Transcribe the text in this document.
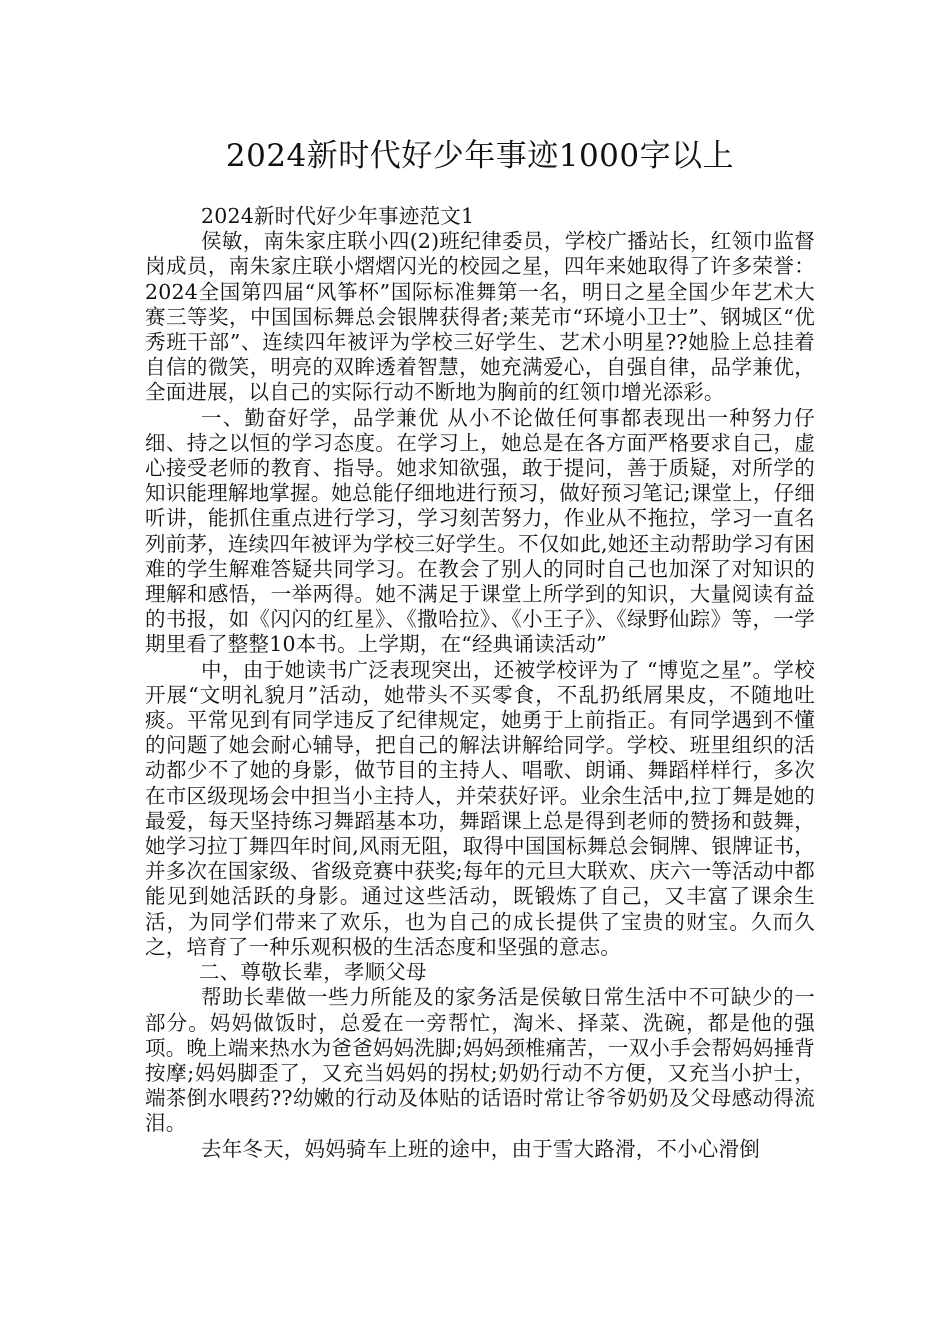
2024新时代好少年事迹1000字以上

2024新时代好少年事迹范文1

侯敏，南朱家庄联小四(2)班纪律委员，学校广播站长，红领巾监督岗成员，南朱家庄联小熠熠闪光的校园之星，四年来她取得了许多荣誉：2024全国第四届“风筝杯”国际标准舞第一名，明日之星全国少年艺术大赛三等奖，中国国标舞总会银牌获得者;莱芜市“环境小卫士”、钢城区“优秀班干部”、连续四年被评为学校三好学生、艺术小明星??她脸上总挂着自信的微笑，明亮的双眸透着智慧，她充满爱心，自强自律，品学兼优，全面进展，以自己的实际行动不断地为胸前的红领巾增光添彩。

一、勤奋好学，品学兼优 从小不论做任何事都表现出一种努力仔细、持之以恒的学习态度。在学习上，她总是在各方面严格要求自己，虚心接受老师的教育、指导。她求知欲强，敢于提问，善于质疑，对所学的知识能理解地掌握。她总能仔细地进行预习，做好预习笔记;课堂上，仔细听讲，能抓住重点进行学习，学习刻苦努力，作业从不拖拉，学习一直名列前茅，连续四年被评为学校三好学生。不仅如此,她还主动帮助学习有困难的学生解难答疑共同学习。在教会了别人的同时自己也加深了对知识的理解和感悟，一举两得。她不满足于课堂上所学到的知识，大量阅读有益的书报，如《闪闪的红星》、《撒哈拉》、《小王子》、《绿野仙踪》等，一学期里看了整整10本书。上学期，在“经典诵读活动”

中，由于她读书广泛表现突出，还被学校评为了 “博览之星”。学校开展“文明礼貌月”活动，她带头不买零食，不乱扔纸屑果皮，不随地吐痰。平常见到有同学违反了纪律规定，她勇于上前指正。有同学遇到不懂的问题了她会耐心辅导，把自己的解法讲解给同学。学校、班里组织的活动都少不了她的身影，做节目的主持人、唱歌、朗诵、舞蹈样样行，多次在市区级现场会中担当小主持人，并荣获好评。业余生活中,拉丁舞是她的最爱，每天坚持练习舞蹈基本功，舞蹈课上总是得到老师的赞扬和鼓舞，她学习拉丁舞四年时间,风雨无阻，取得中国国标舞总会铜牌、银牌证书，并多次在国家级、省级竞赛中获奖;每年的元旦大联欢、庆六一等活动中都能见到她活跃的身影。通过这些活动，既锻炼了自己，又丰富了课余生活，为同学们带来了欢乐，也为自己的成长提供了宝贵的财宝。久而久之，培育了一种乐观积极的生活态度和坚强的意志。

二、尊敬长辈，孝顺父母

帮助长辈做一些力所能及的家务活是侯敏日常生活中不可缺少的一部分。妈妈做饭时，总爱在一旁帮忙，淘米、择菜、洗碗，都是他的强项。晚上端来热水为爸爸妈妈洗脚;妈妈颈椎痛苦，一双小手会帮妈妈捶背按摩;妈妈脚歪了，又充当妈妈的拐杖;奶奶行动不方便，又充当小护士，端茶倒水喂药??幼嫩的行动及体贴的话语时常让爷爷奶奶及父母感动得流泪。

去年冬天，妈妈骑车上班的途中，由于雪大路滑，不小心滑倒
